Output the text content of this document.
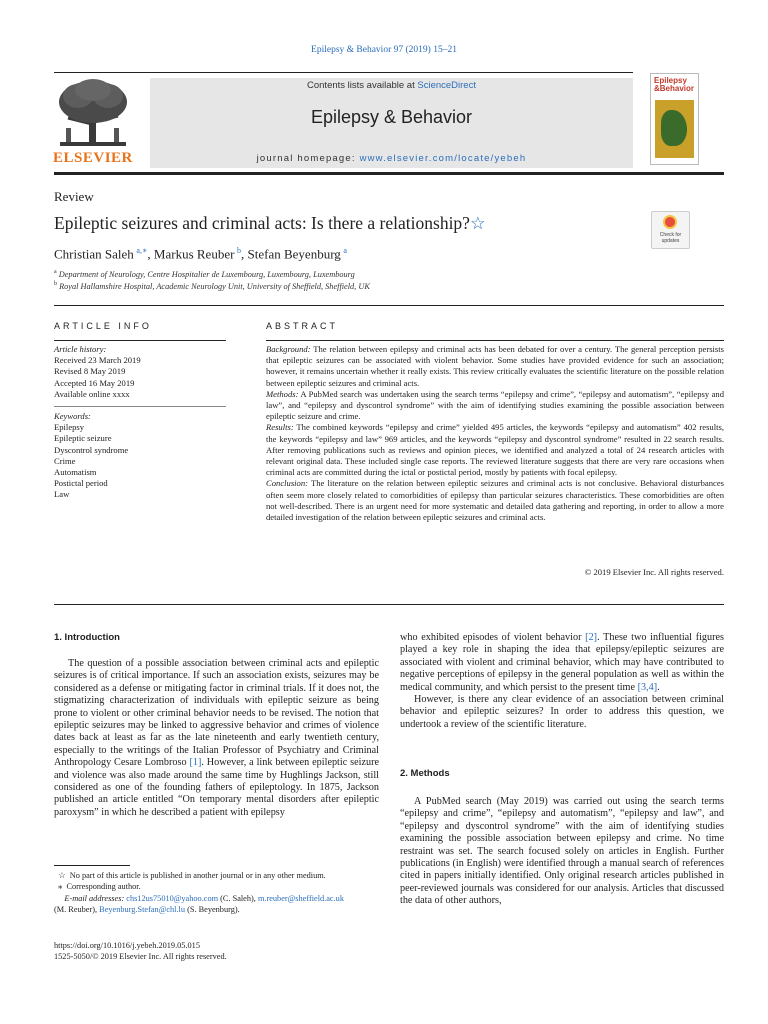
Epilepsy & Behavior 97 (2019) 15–21
ELSEVIER
Contents lists available at ScienceDirect
Epilepsy & Behavior
journal homepage: www.elsevier.com/locate/yebeh
Epilepsy
&Behavior
Review
Epileptic seizures and criminal acts: Is there a relationship?☆
Check for
updates
Christian Saleh  $^{a,∗}$, Markus Reuber  $^b$, Stefan Beyenburg  $^a$
$^a$ Department of Neurology, Centre Hospitalier de Luxembourg, Luxembourg, Luxembourg
$^b$ Royal Hallamshire Hospital, Academic Neurology Unit, University of Sheffield, Sheffield, UK
ARTICLE INFO
Article history:
Received 23 March 2019
Revised 8 May 2019
Accepted 16 May 2019
Available online xxxx
Keywords:
Epilepsy
Epileptic seizure
Dyscontrol syndrome
Crime
Automatism
Postictal period
Law
ABSTRACT

Background: The relation between epilepsy and criminal acts has been debated for over a century. The general perception persists that epileptic seizures can be associated with violent behavior. Some studies have provided evidence for such an association; however, it remains uncertain whether it really exists. This review critically evaluates the scientific literature on the possible relation between epileptic seizures and criminal acts.

Methods: A PubMed search was undertaken using the search terms “epilepsy and crime”, “epilepsy and automatism”, “epilepsy and law”, and “epilepsy and dyscontrol syndrome” with the aim of identifying studies examining the possible association between epileptic seizure and crime.

Results: The combined keywords “epilepsy and crime” yielded 495 articles, the keywords “epilepsy and automatism” 402 results, the keywords “epilepsy and law” 969 articles, and the keywords “epilepsy and dyscontrol syndrome” resulted in 22 search results. After removing publications such as reviews and opinion pieces, we identified and analyzed a total of 24 research articles with relevant original data. These included single case reports. The reviewed literature suggests that there are very rare occasions when criminal acts are committed during the ictal or postictal period, mostly by patients with focal epilepsy.

Conclusion: The literature on the relation between epileptic seizures and criminal acts is not conclusive. Behavioral disturbances often seem more closely related to comorbidities of epilepsy than particular seizures characteristics. These comorbidities are often not well-described. There is an urgent need for more systematic and detailed data gathering and reporting, in order to allow a more detailed investigation of the relation between epileptic seizures and criminal acts.

© 2019 Elsevier Inc. All rights reserved.
1. Introduction

The question of a possible association between criminal acts and epileptic seizures is of critical importance. If such an association exists, seizures may be considered as a defense or mitigating factor in criminal trials. If it does not, the stigmatizing characterization of individuals with epileptic seizure as being prone to violent or other criminal behavior needs to be revised. The notion that epileptic seizures may be linked to aggressive behavior and crimes of violence dates back at least as far as the late nineteenth and early twentieth century, especially to the writings of the Italian Professor of Psychiatry and Criminal Anthropology Cesare Lombroso [1]. However, a link between epileptic seizure and violence was also made around the same time by Hughlings Jackson, still considered as one of the founding fathers of epileptology. In 1875, Jackson published an article entitled “On temporary mental disorders after epileptic paroxysm” in which he described a patient with epilepsy

who exhibited episodes of violent behavior [2]. These two influential figures played a key role in shaping the idea that epilepsy/epileptic seizures are associated with violent and criminal behavior, which may have contributed to negative perceptions of epilepsy in the general population as well as within the medical community, and which persist to the present time [3,4].

However, is there any clear evidence of an association between criminal behavior and epileptic seizures? In order to address this question, we undertook a review of the scientific literature.

2. Methods

A PubMed search (May 2019) was carried out using the search terms “epilepsy and crime”, “epilepsy and automatism”, “epilepsy and law”, and “epilepsy and dyscontrol syndrome” with the aim of identifying studies examining the possible association between epilepsy and crime. No time restraint was set. The search focused solely on articles in English. Further publications (in English) were identified through a manual search of references cited in papers initially identified. Only original research articles published in peer-reviewed journals was considered for our analysis. Articles that discussed the data of other authors,

☆ No part of this article is published in another journal or in any other medium.
⁎ Corresponding author.
E-mail addresses: chs12us75010@yahoo.com (C. Saleh), m.reuber@sheffield.ac.uk
(M. Reuber), Beyenburg.Stefan@chl.lu (S. Beyenburg).
https://doi.org/10.1016/j.yebeh.2019.05.015
1525-5050/© 2019 Elsevier Inc. All rights reserved.
